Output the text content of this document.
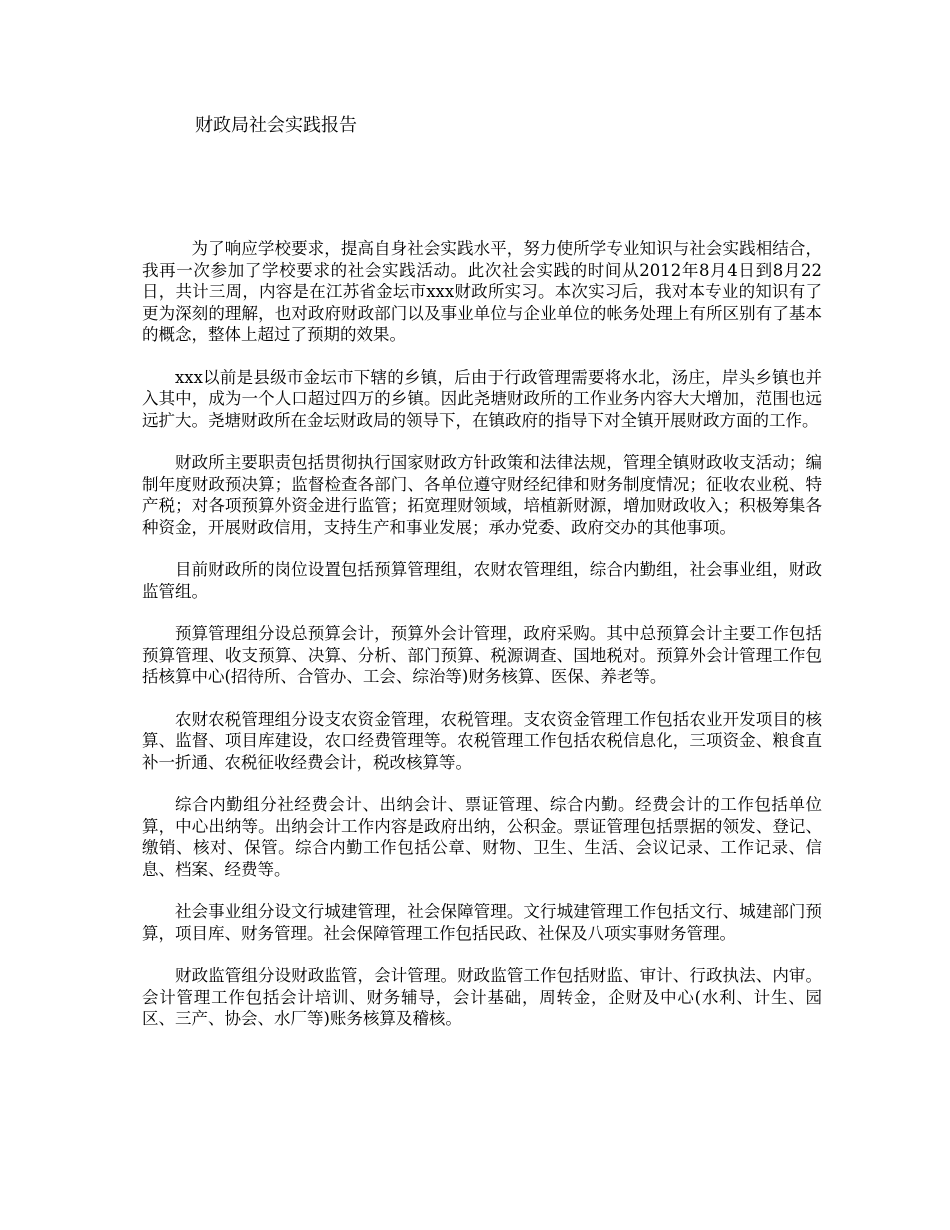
财政局社会实践报告

为了响应学校要求，提高自身社会实践水平，努力使所学专业知识与社会实践相结合，我再一次参加了学校要求的社会实践活动。此次社会实践的时间从2012年8月4日到8月22日，共计三周，内容是在江苏省金坛市xxx财政所实习。本次实习后，我对本专业的知识有了更为深刻的理解，也对政府财政部门以及事业单位与企业单位的帐务处理上有所区别有了基本的概念，整体上超过了预期的效果。

xxx以前是县级市金坛市下辖的乡镇，后由于行政管理需要将水北，汤庄，岸头乡镇也并入其中，成为一个人口超过四万的乡镇。因此尧塘财政所的工作业务内容大大增加，范围也远远扩大。尧塘财政所在金坛财政局的领导下，在镇政府的指导下对全镇开展财政方面的工作。

财政所主要职责包括贯彻执行国家财政方针政策和法律法规，管理全镇财政收支活动；编制年度财政预决算；监督检查各部门、各单位遵守财经纪律和财务制度情况；征收农业税、特产税；对各项预算外资金进行监管；拓宽理财领域，培植新财源，增加财政收入；积极筹集各种资金，开展财政信用，支持生产和事业发展；承办党委、政府交办的其他事项。

目前财政所的岗位设置包括预算管理组，农财农管理组，综合内勤组，社会事业组，财政监管组。

预算管理组分设总预算会计，预算外会计管理，政府采购。其中总预算会计主要工作包括预算管理、收支预算、决算、分析、部门预算、税源调查、国地税对。预算外会计管理工作包括核算中心(招待所、合管办、工会、综治等)财务核算、医保、养老等。

农财农税管理组分设支农资金管理，农税管理。支农资金管理工作包括农业开发项目的核算、监督、项目库建设，农口经费管理等。农税管理工作包括农税信息化，三项资金、粮食直补一折通、农税征收经费会计，税改核算等。

综合内勤组分社经费会计、出纳会计、票证管理、综合内勤。经费会计的工作包括单位算，中心出纳等。出纳会计工作内容是政府出纳，公积金。票证管理包括票据的领发、登记、缴销、核对、保管。综合内勤工作包括公章、财物、卫生、生活、会议记录、工作记录、信息、档案、经费等。

社会事业组分设文行城建管理，社会保障管理。文行城建管理工作包括文行、城建部门预算，项目库、财务管理。社会保障管理工作包括民政、社保及八项实事财务管理。

财政监管组分设财政监管，会计管理。财政监管工作包括财监、审计、行政执法、内审。会计管理工作包括会计培训、财务辅导，会计基础，周转金，企财及中心(水利、计生、园区、三产、协会、水厂等)账务核算及稽核。
